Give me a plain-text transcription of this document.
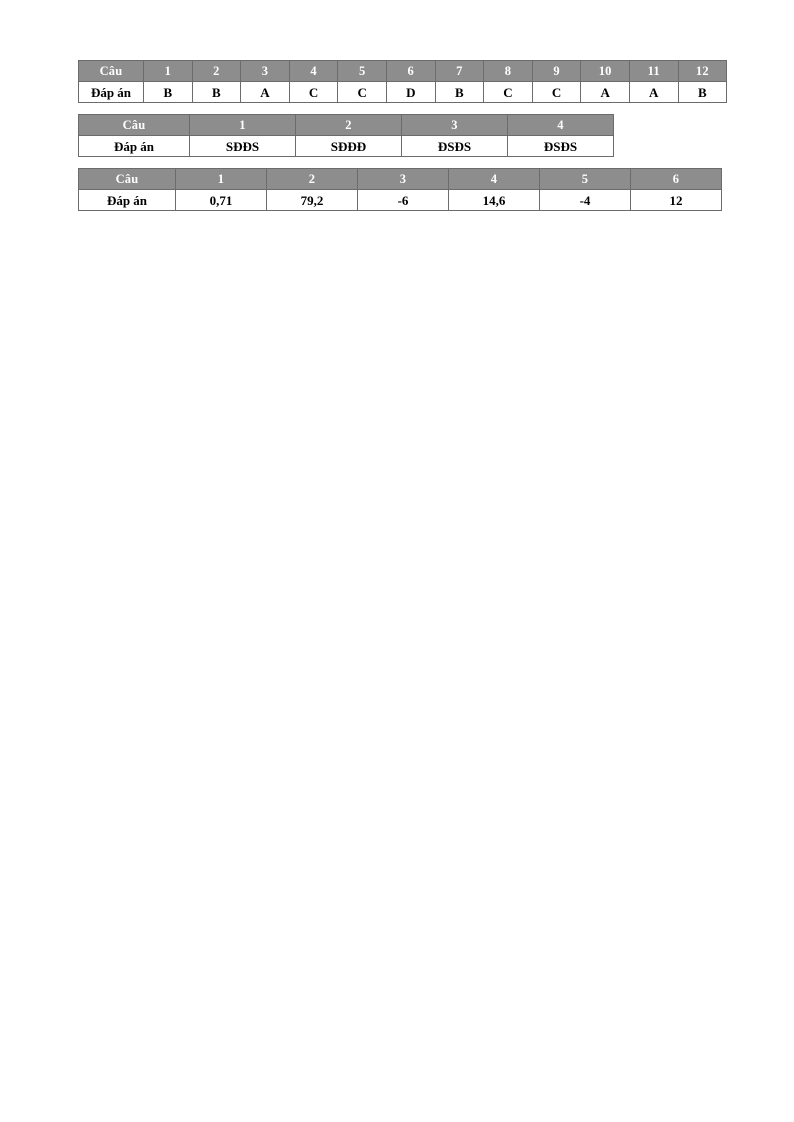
Câu	1	2	3	4	5	6	7	8	9	10	11	12
Đáp án	B	B	A	C	C	D	B	C	C	A	A	B
Câu	1	2	3	4
Đáp án	SĐĐS	SĐĐĐ	ĐSĐS	ĐSĐS
Câu	1	2	3	4	5	6
Đáp án	0,71	79,2	-6	14,6	-4	12
